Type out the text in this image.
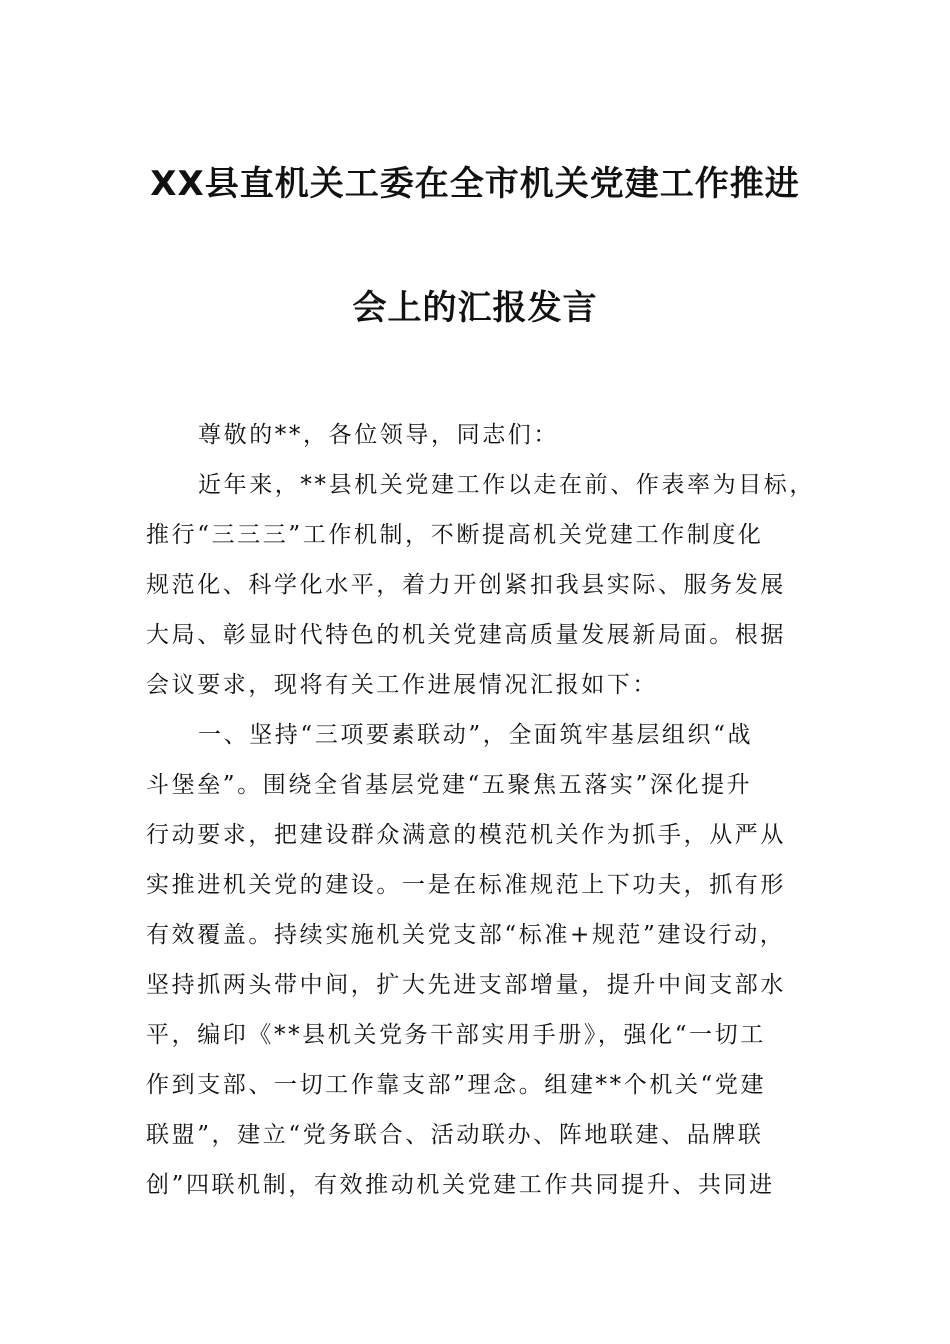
XX县直机关工委在全市机关党建工作推进
会上的汇报发言
尊敬的**，各位领导，同志们：
近年来，**县机关党建工作以走在前、作表率为目标，
推行“三三三”工作机制，不断提高机关党建工作制度化
规范化、科学化水平，着力开创紧扣我县实际、服务发展
大局、彰显时代特色的机关党建高质量发展新局面。根据
会议要求，现将有关工作进展情况汇报如下：
一、坚持“三项要素联动”，全面筑牢基层组织“战
斗堡垒”。围绕全省基层党建“五聚焦五落实”深化提升
行动要求，把建设群众满意的模范机关作为抓手，从严从
实推进机关党的建设。一是在标准规范上下功夫，抓有形
有效覆盖。持续实施机关党支部“标准+规范”建设行动，
坚持抓两头带中间，扩大先进支部增量，提升中间支部水
平，编印《**县机关党务干部实用手册》，强化“一切工
作到支部、一切工作靠支部”理念。组建**个机关“党建
联盟”，建立“党务联合、活动联办、阵地联建、品牌联
创”四联机制，有效推动机关党建工作共同提升、共同进
